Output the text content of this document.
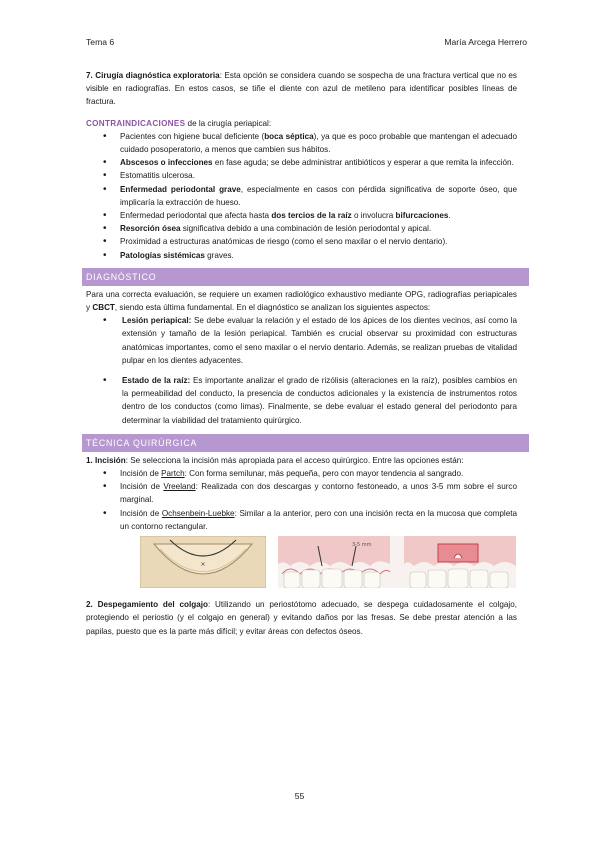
Tema 6	María Arcega Herrero

7. Cirugía diagnóstica exploratoria: Esta opción se considera cuando se sospecha de una fractura vertical que no es visible en radiografías. En estos casos, se tiñe el diente con azul de metileno para identificar posibles líneas de fractura.

CONTRAINDICACIONES de la cirugía periapical:

• Pacientes con higiene bucal deficiente (boca séptica), ya que es poco probable que mantengan el adecuado cuidado posoperatorio, a menos que cambien sus hábitos.
• Abscesos o infecciones en fase aguda; se debe administrar antibióticos y esperar a que remita la infección.
• Estomatitis ulcerosa.
• Enfermedad periodontal grave, especialmente en casos con pérdida significativa de soporte óseo, que implicaría la extracción de hueso.
• Enfermedad periodontal que afecta hasta dos tercios de la raíz o involucra bifurcaciones.
• Resorción ósea significativa debido a una combinación de lesión periodontal y apical.
• Proximidad a estructuras anatómicas de riesgo (como el seno maxilar o el nervio dentario).
• Patologías sistémicas graves.
DIAGNÓSTICO

Para una correcta evaluación, se requiere un examen radiológico exhaustivo mediante OPG, radiografías periapicales y CBCT, siendo esta última fundamental. En el diagnóstico se analizan los siguientes aspectos:

• Lesión periapical: Se debe evaluar la relación y el estado de los ápices de los dientes vecinos, así como la extensión y tamaño de la lesión periapical. También es crucial observar su proximidad con estructuras anatómicas importantes, como el seno maxilar o el nervio dentario. Además, se realizan pruebas de vitalidad pulpar en los dientes adyacentes.
• Estado de la raíz: Es importante analizar el grado de rizólisis (alteraciones en la raíz), posibles cambios en la permeabilidad del conducto, la presencia de conductos adicionales y la existencia de instrumentos rotos dentro de los conductos (como limas). Finalmente, se debe evaluar el estado general del periodonto para determinar la viabilidad del tratamiento quirúrgico.
TÉCNICA QUIRÚRGICA

1. Incisión: Se selecciona la incisión más apropiada para el acceso quirúrgico. Entre las opciones están:

• Incisión de Partch: Con forma semilunar, más pequeña, pero con mayor tendencia al sangrado.
• Incisión de Vreeland: Realizada con dos descargas y contorno festoneado, a unos 3-5 mm sobre el surco marginal.
• Incisión de Ochsenbein-Luebke: Similar a la anterior, pero con una incisión recta en la mucosa que completa un contorno rectangular.
×
3-5 mm

2. Despegamiento del colgajo: Utilizando un periostótomo adecuado, se despega cuidadosamente el colgajo, protegiendo el periostio (y el colgajo en general) y evitando daños por las fresas. Se debe prestar atención a las papilas, puesto que es la parte más difícil; y evitar áreas con defectos óseos.

55
